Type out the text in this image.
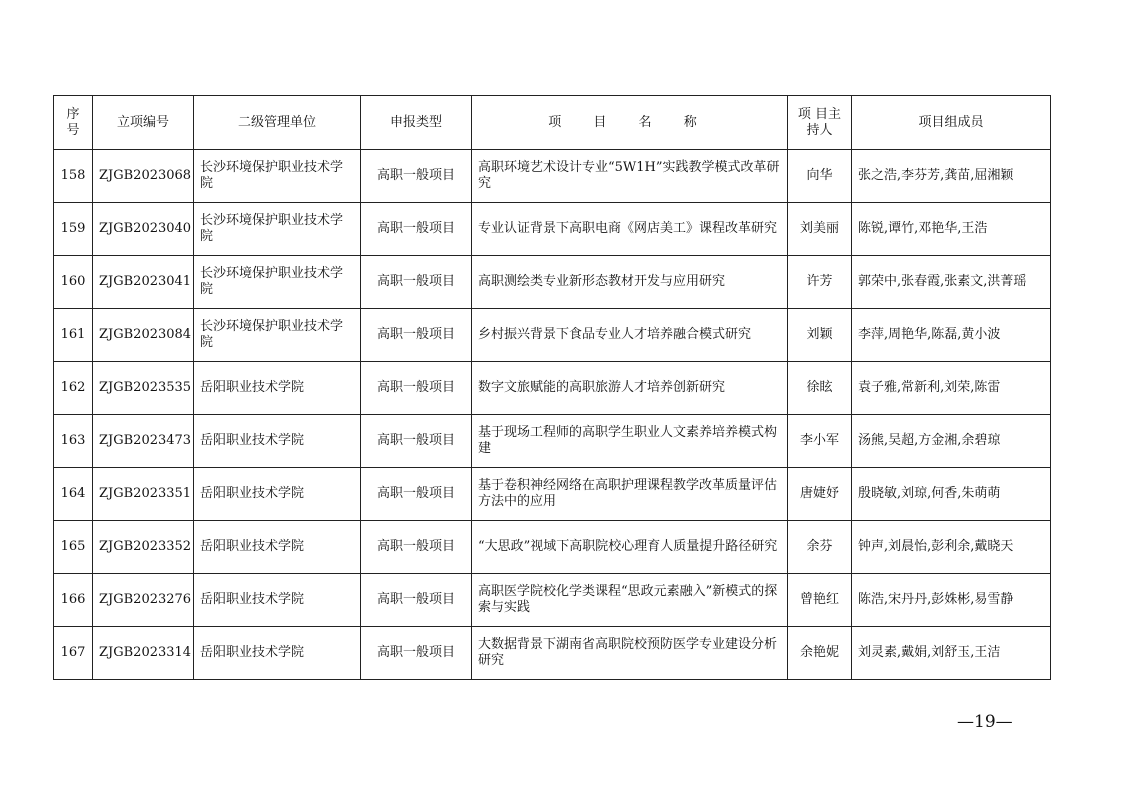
序号	立项编号	二级管理单位	申报类型	项 目 名 称	项 目主持人	项目组成员
158	ZJGB2023068	长沙环境保护职业技术学院	高职一般项目	高职环境艺术设计专业“5W1H”实践教学模式改革研究	向华	张之浩,李芬芳,龚苗,屈湘颖
159	ZJGB2023040	长沙环境保护职业技术学院	高职一般项目	专业认证背景下高职电商《网店美工》课程改革研究	刘美丽	陈锐,谭竹,邓艳华,王浩
160	ZJGB2023041	长沙环境保护职业技术学院	高职一般项目	高职测绘类专业新形态教材开发与应用研究	许芳	郭荣中,张春霞,张素文,洪菁瑶
161	ZJGB2023084	长沙环境保护职业技术学院	高职一般项目	乡村振兴背景下食品专业人才培养融合模式研究	刘颖	李萍,周艳华,陈磊,黄小波
162	ZJGB2023535	岳阳职业技术学院	高职一般项目	数字文旅赋能的高职旅游人才培养创新研究	徐眩	袁子雅,常新利,刘荣,陈雷
163	ZJGB2023473	岳阳职业技术学院	高职一般项目	基于现场工程师的高职学生职业人文素养培养模式构建	李小军	汤熊,吴超,方金湘,余碧琼
164	ZJGB2023351	岳阳职业技术学院	高职一般项目	基于卷积神经网络在高职护理课程教学改革质量评估方法中的应用	唐婕妤	殷晓敏,刘琼,何香,朱萌萌
165	ZJGB2023352	岳阳职业技术学院	高职一般项目	“大思政”视域下高职院校心理育人质量提升路径研究	余芬	钟声,刘晨怡,彭利余,戴晓天
166	ZJGB2023276	岳阳职业技术学院	高职一般项目	高职医学院校化学类课程“思政元素融入”新模式的探索与实践	曾艳红	陈浩,宋丹丹,彭姝彬,易雪静
167	ZJGB2023314	岳阳职业技术学院	高职一般项目	大数据背景下湖南省高职院校预防医学专业建设分析研究	余艳妮	刘灵素,戴娟,刘舒玉,王洁
—19—
